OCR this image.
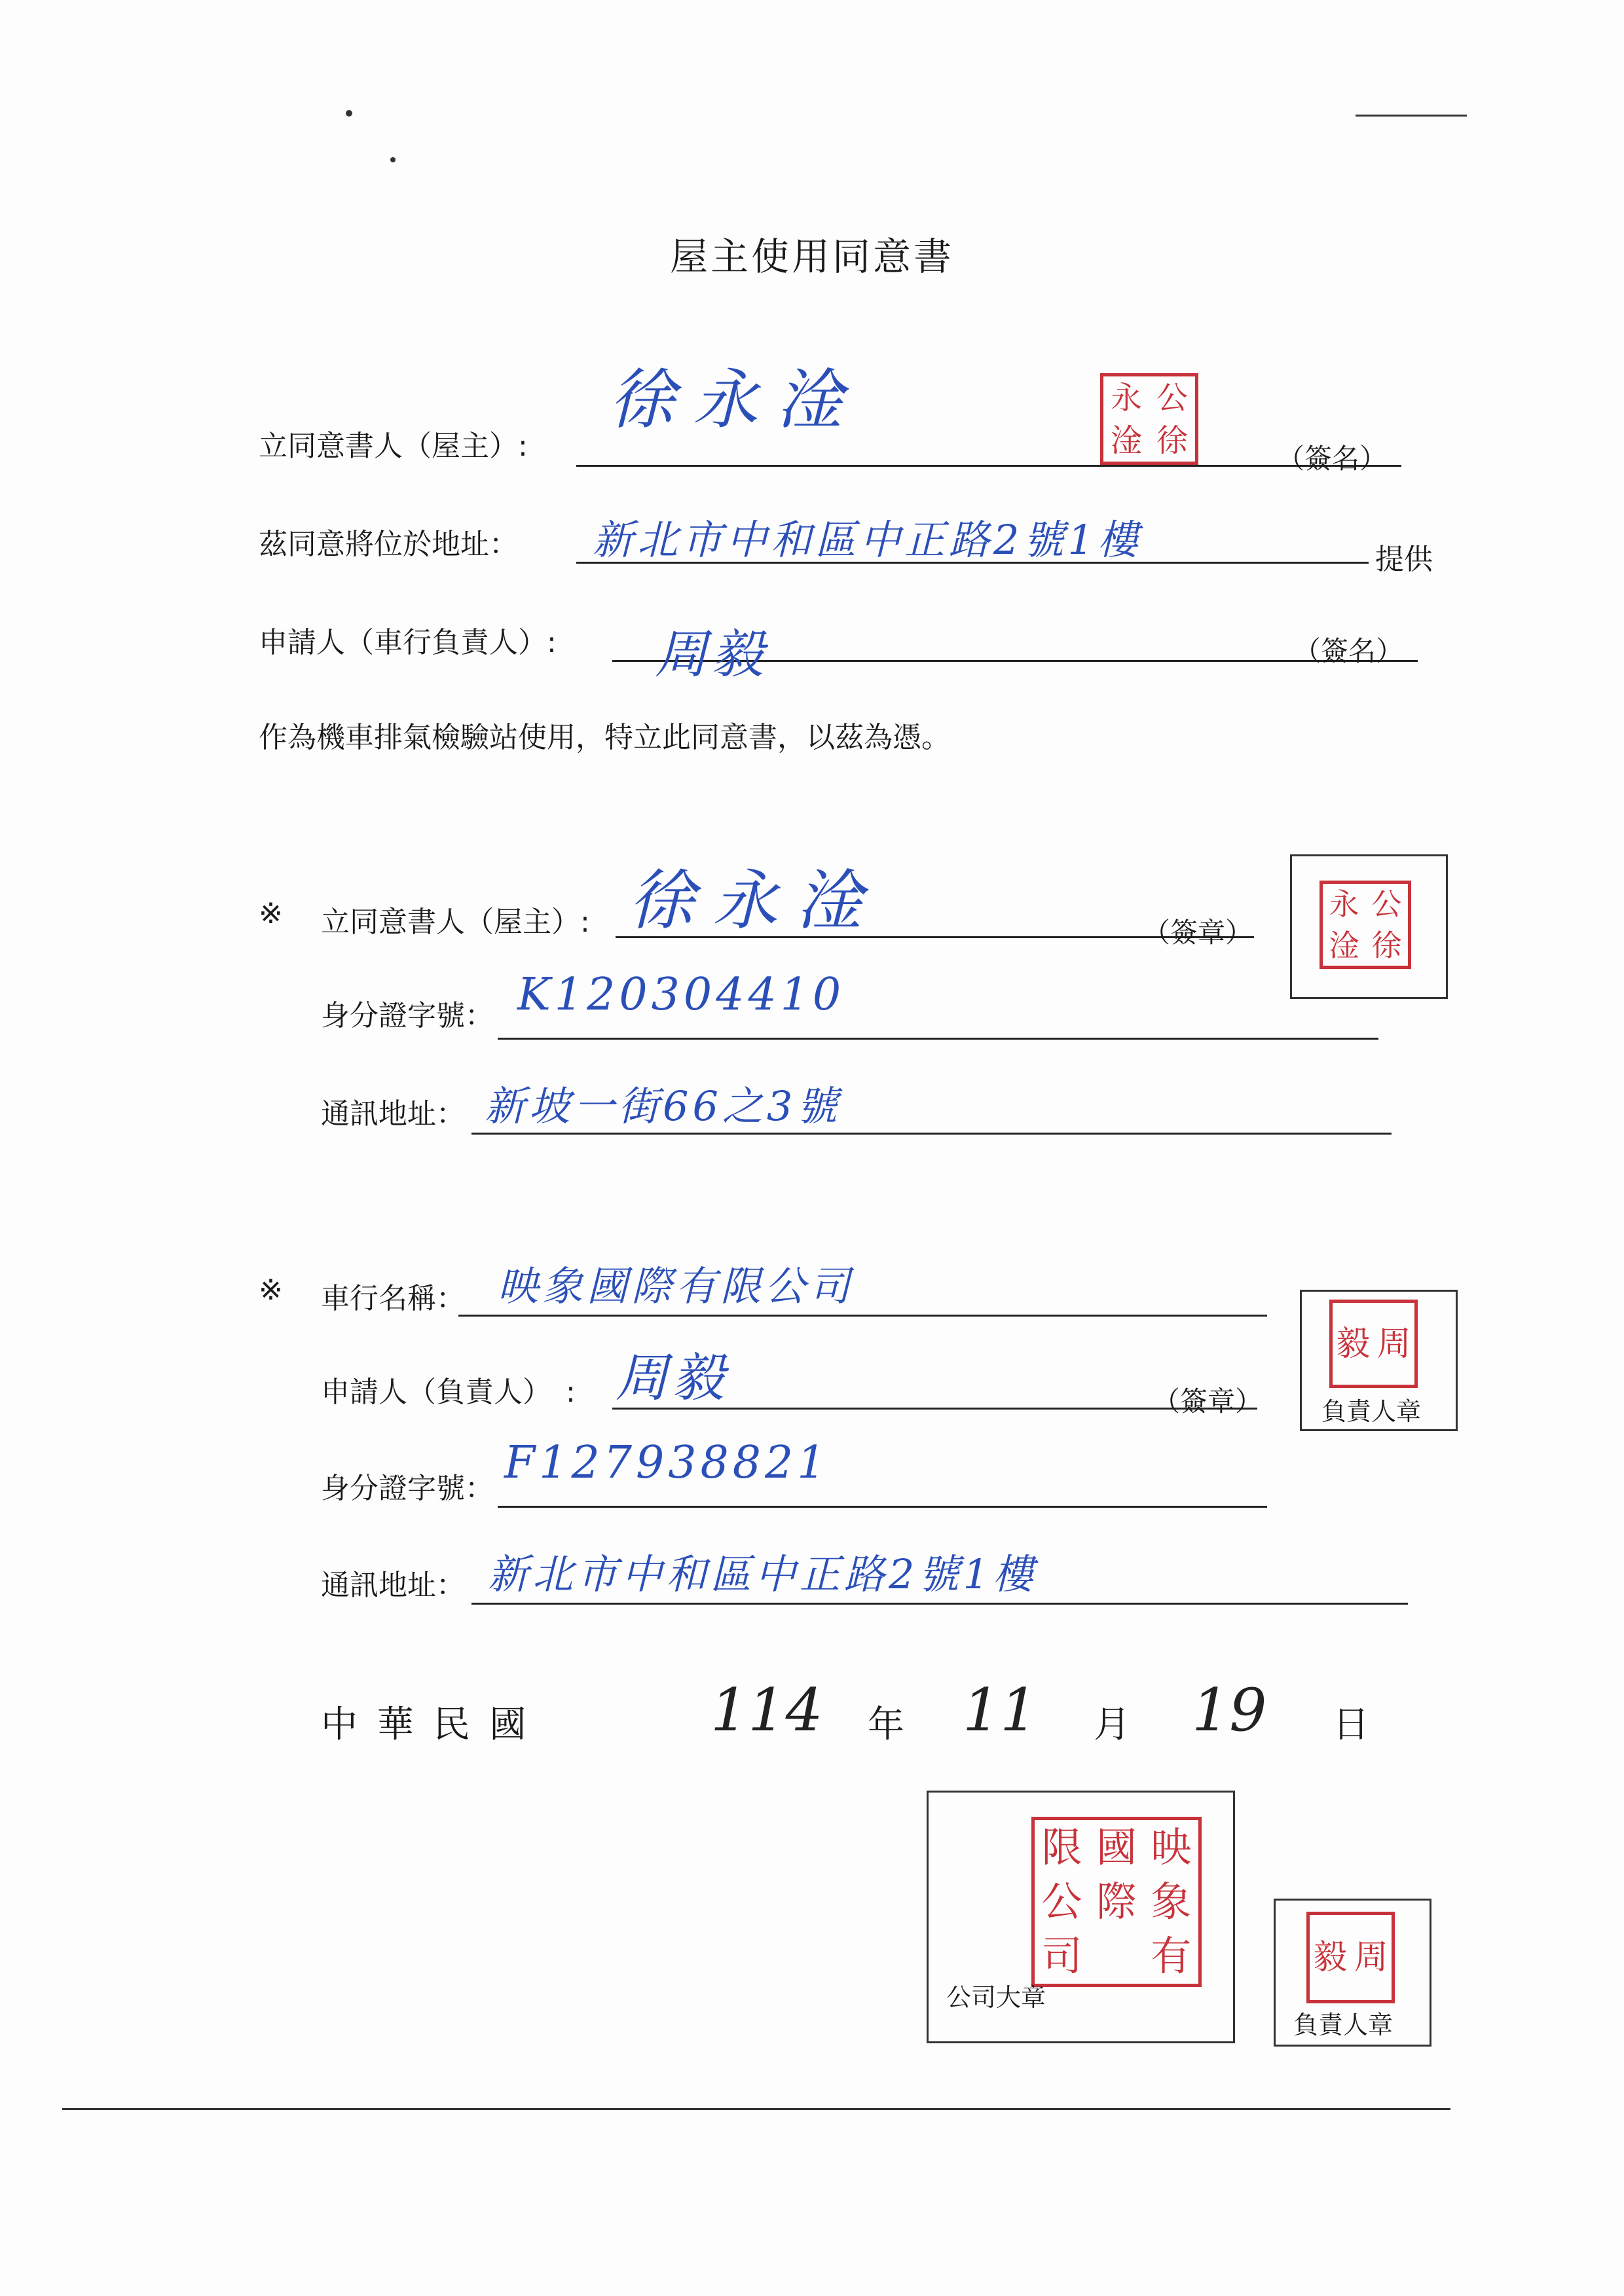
屋主使用同意書
立同意書人（屋主）:
徐永淦
（簽名）
永 公
淦 徐
茲同意將位於地址： 新北市中和區中正路2號1樓	提供
申請人（車行負責人）: 周毅	（簽名）
作為機車排氣檢驗站使用，特立此同意書，以茲為憑。
※ 立同意書人（屋主）: 徐永淦	（簽章）
永 公
淦 徐
身分證字號： K120304410
通訊地址： 新坡一街66之3號
※ 車行名稱： 映象國際有限公司
申請人（負責人）　: 周毅	（簽章）
毅 周
負責人章
身分證字號： F127938821
通訊地址： 新北市中和區中正路2號1樓
中 華 民 國	114 年 11 月 19 日
限 國 映
公 際 象
司 有
公司大章
毅 周
負責人章
